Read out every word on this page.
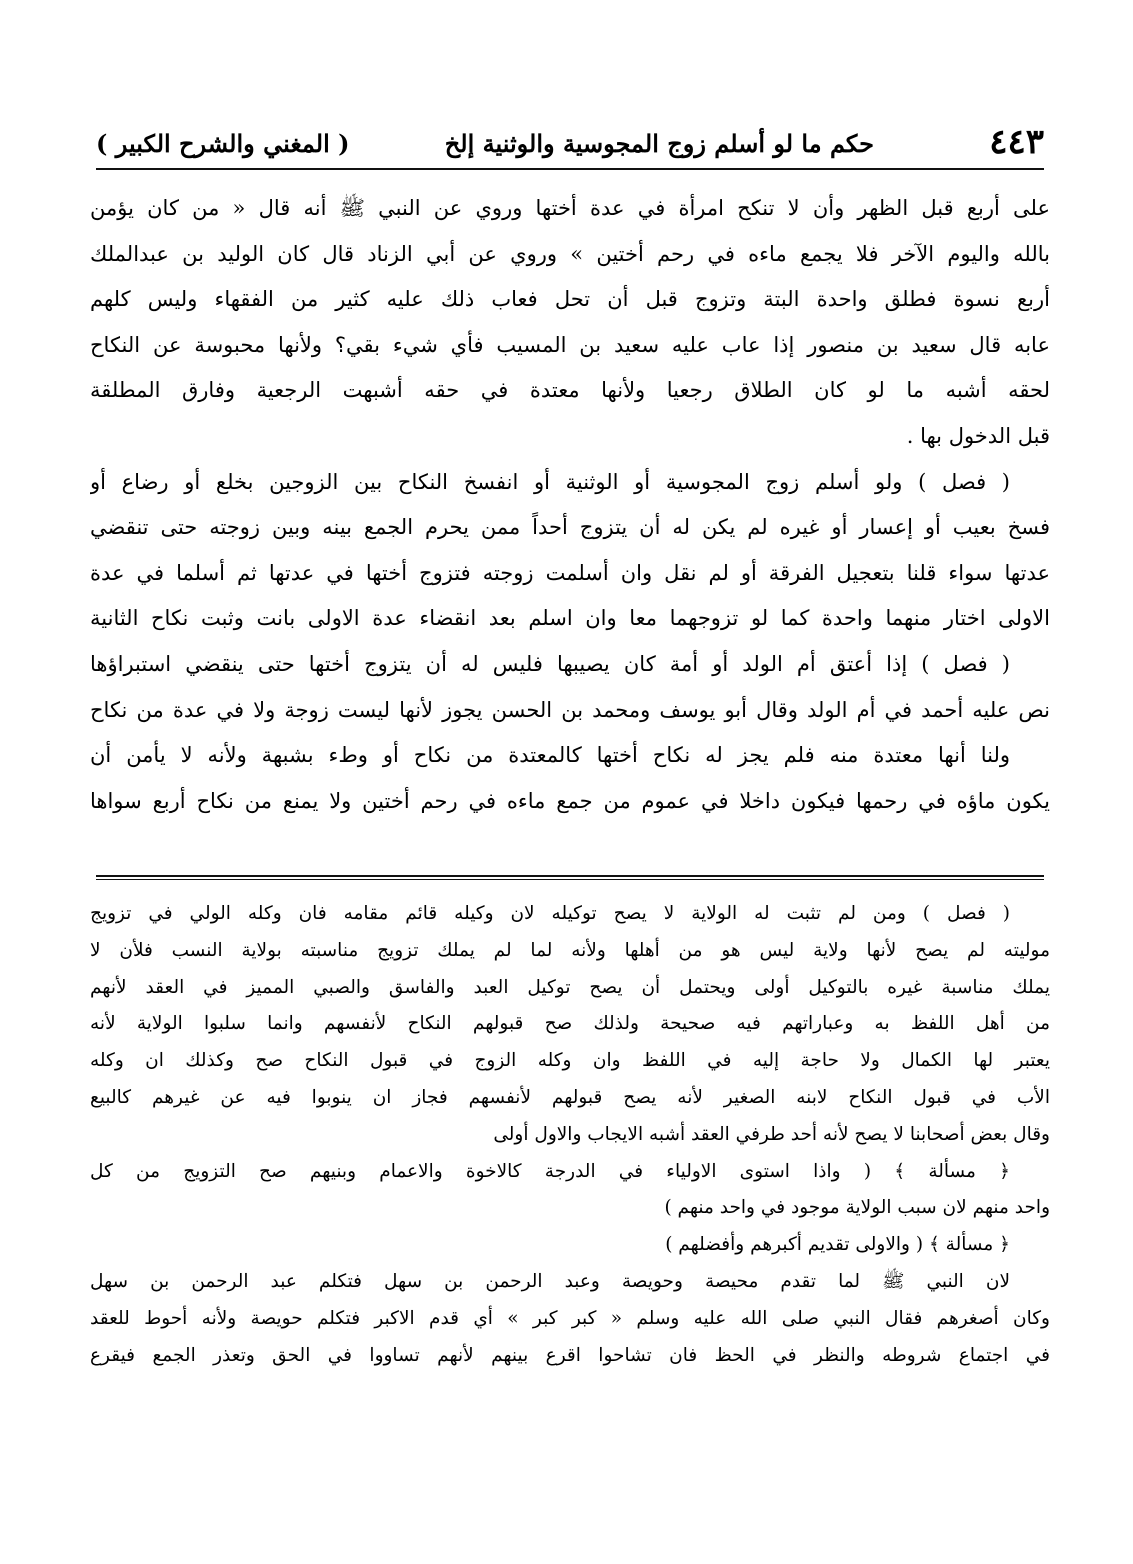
٤٤٣
حكم ما لو أسلم زوج المجوسية والوثنية إلخ
( المغني والشرح الكبير )
على أربع قبل الظهر وأن لا تنكح امرأة في عدة أختها وروي عن النبي ﷺ أنه قال « من كان يؤمن
بالله واليوم الآخر فلا يجمع ماءه في رحم أختين » وروي عن أبي الزناد قال كان الوليد بن عبدالملك
أربع نسوة فطلق واحدة البتة وتزوج قبل أن تحل فعاب ذلك عليه كثير من الفقهاء وليس كلهم
عابه قال سعيد بن منصور إذا عاب عليه سعيد بن المسيب فأي شيء بقي؟ ولأنها محبوسة عن النكاح
لحقه أشبه ما لو كان الطلاق رجعيا ولأنها معتدة في حقه أشبهت الرجعية وفارق المطلقة
قبل الدخول بها .
( فصل ) ولو أسلم زوج المجوسية أو الوثنية أو انفسخ النكاح بين الزوجين بخلع أو رضاع أو
فسخ بعيب أو إعسار أو غيره لم يكن له أن يتزوج أحداً ممن يحرم الجمع بينه وبين زوجته حتى تنقضي
عدتها سواء قلنا بتعجيل الفرقة أو لم نقل وان أسلمت زوجته فتزوج أختها في عدتها ثم أسلما في عدة
الاولى اختار منهما واحدة كما لو تزوجهما معا وان اسلم بعد انقضاء عدة الاولى بانت وثبت نكاح الثانية
( فصل ) إذا أعتق أم الولد أو أمة كان يصيبها فليس له أن يتزوج أختها حتى ينقضي استبراؤها
نص عليه أحمد في أم الولد وقال أبو يوسف ومحمد بن الحسن يجوز لأنها ليست زوجة ولا في عدة من نكاح
ولنا أنها معتدة منه فلم يجز له نكاح أختها كالمعتدة من نكاح أو وطء بشبهة ولأنه لا يأمن أن
يكون ماؤه في رحمها فيكون داخلا في عموم من جمع ماءه في رحم أختين ولا يمنع من نكاح أربع سواها
( فصل ) ومن لم تثبت له الولاية لا يصح توكيله لان وكيله قائم مقامه فان وكله الولي في تزويج
موليته لم يصح لأنها ولاية ليس هو من أهلها ولأنه لما لم يملك تزويج مناسبته بولاية النسب فلأن لا
يملك مناسبة غيره بالتوكيل أولى ويحتمل أن يصح توكيل العبد والفاسق والصبي المميز في العقد لأنهم
من أهل اللفظ به وعباراتهم فيه صحيحة ولذلك صح قبولهم النكاح لأنفسهم وانما سلبوا الولاية لأنه
يعتبر لها الكمال ولا حاجة إليه في اللفظ وان وكله الزوج في قبول النكاح صح وكذلك ان وكله
الأب في قبول النكاح لابنه الصغير لأنه يصح قبولهم لأنفسهم فجاز ان ينوبوا فيه عن غيرهم كالبيع
وقال بعض أصحابنا لا يصح لأنه أحد طرفي العقد أشبه الايجاب والاول أولى
﴿ مسألة ﴾ ( واذا استوى الاولياء في الدرجة كالاخوة والاعمام وبنيهم صح التزويج من كل
واحد منهم لان سبب الولاية موجود في واحد منهم )
﴿ مسألة ﴾ ( والاولى تقديم أكبرهم وأفضلهم )
لان النبي ﷺ لما تقدم محيصة وحويصة وعبد الرحمن بن سهل فتكلم عبد الرحمن بن سهل
وكان أصغرهم فقال النبي صلى الله عليه وسلم « كبر كبر » أي قدم الاكبر فتكلم حويصة ولأنه أحوط للعقد
في اجتماع شروطه والنظر في الحظ فان تشاحوا اقرع بينهم لأنهم تساووا في الحق وتعذر الجمع فيقرع
